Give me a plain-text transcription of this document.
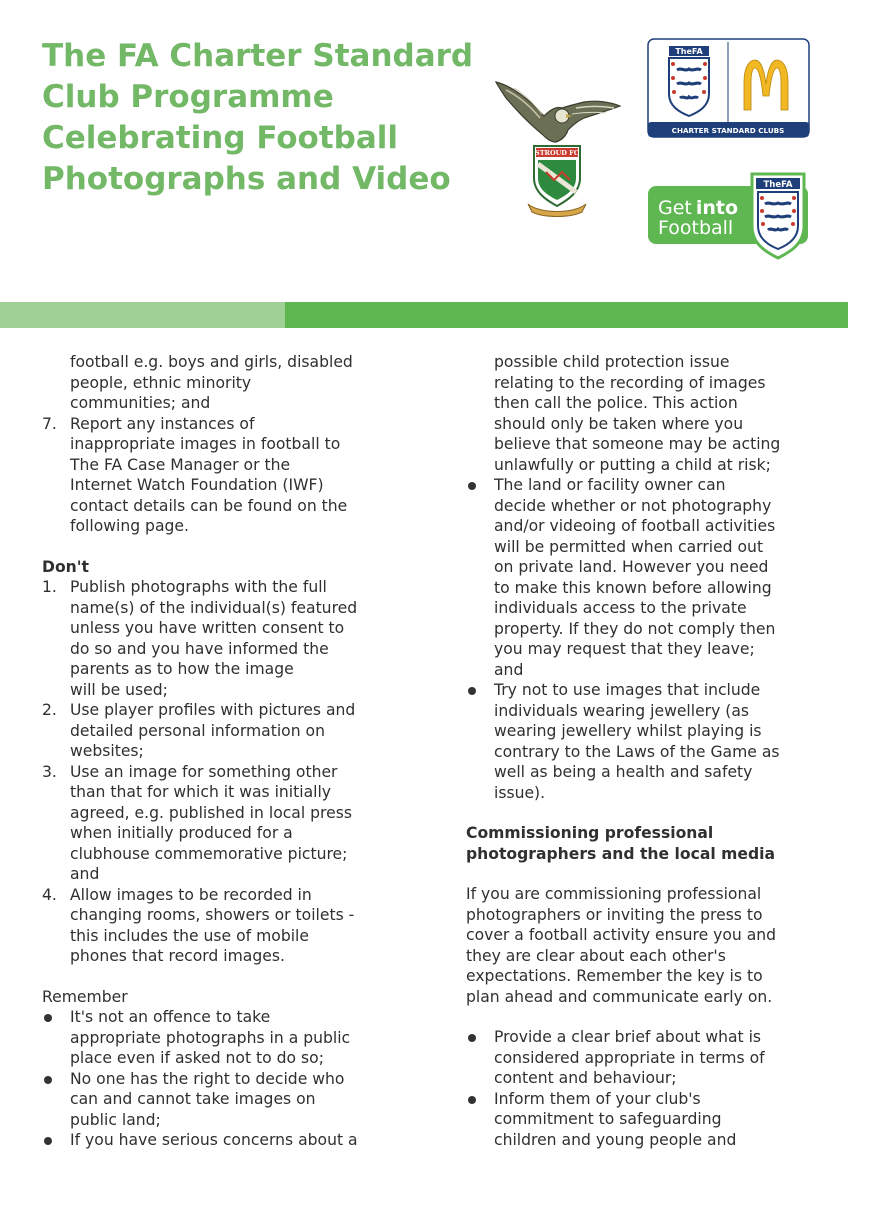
The FA Charter Standard
Club Programme
Celebrating Football
Photographs and Video
STROUD FC
CHARTER STANDARD CLUBS
TheFA
Get into
Football
TheFA
football e.g. boys and girls, disabled
people, ethnic minority
communities; and
7. Report any instances of
inappropriate images in football to
The FA Case Manager or the
Internet Watch Foundation (IWF)
contact details can be found on the
following page.
Don't
1. Publish photographs with the full
name(s) of the individual(s) featured
unless you have written consent to
do so and you have informed the
parents as to how the image
will be used;
2. Use player profiles with pictures and
detailed personal information on
websites;
3. Use an image for something other
than that for which it was initially
agreed, e.g. published in local press
when initially produced for a
clubhouse commemorative picture;
and
4. Allow images to be recorded in
changing rooms, showers or toilets -
this includes the use of mobile
phones that record images.
Remember
It's not an offence to take
appropriate photographs in a public
place even if asked not to do so;
No one has the right to decide who
can and cannot take images on
public land;
If you have serious concerns about a
possible child protection issue
relating to the recording of images
then call the police. This action
should only be taken where you
believe that someone may be acting
unlawfully or putting a child at risk;
The land or facility owner can
decide whether or not photography
and/or videoing of football activities
will be permitted when carried out
on private land. However you need
to make this known before allowing
individuals access to the private
property. If they do not comply then
you may request that they leave;
and
Try not to use images that include
individuals wearing jewellery (as
wearing jewellery whilst playing is
contrary to the Laws of the Game as
well as being a health and safety
issue).
Commissioning professional
photographers and the local media
If you are commissioning professional
photographers or inviting the press to
cover a football activity ensure you and
they are clear about each other's
expectations. Remember the key is to
plan ahead and communicate early on.
Provide a clear brief about what is
considered appropriate in terms of
content and behaviour;
Inform them of your club's
commitment to safeguarding
children and young people and
